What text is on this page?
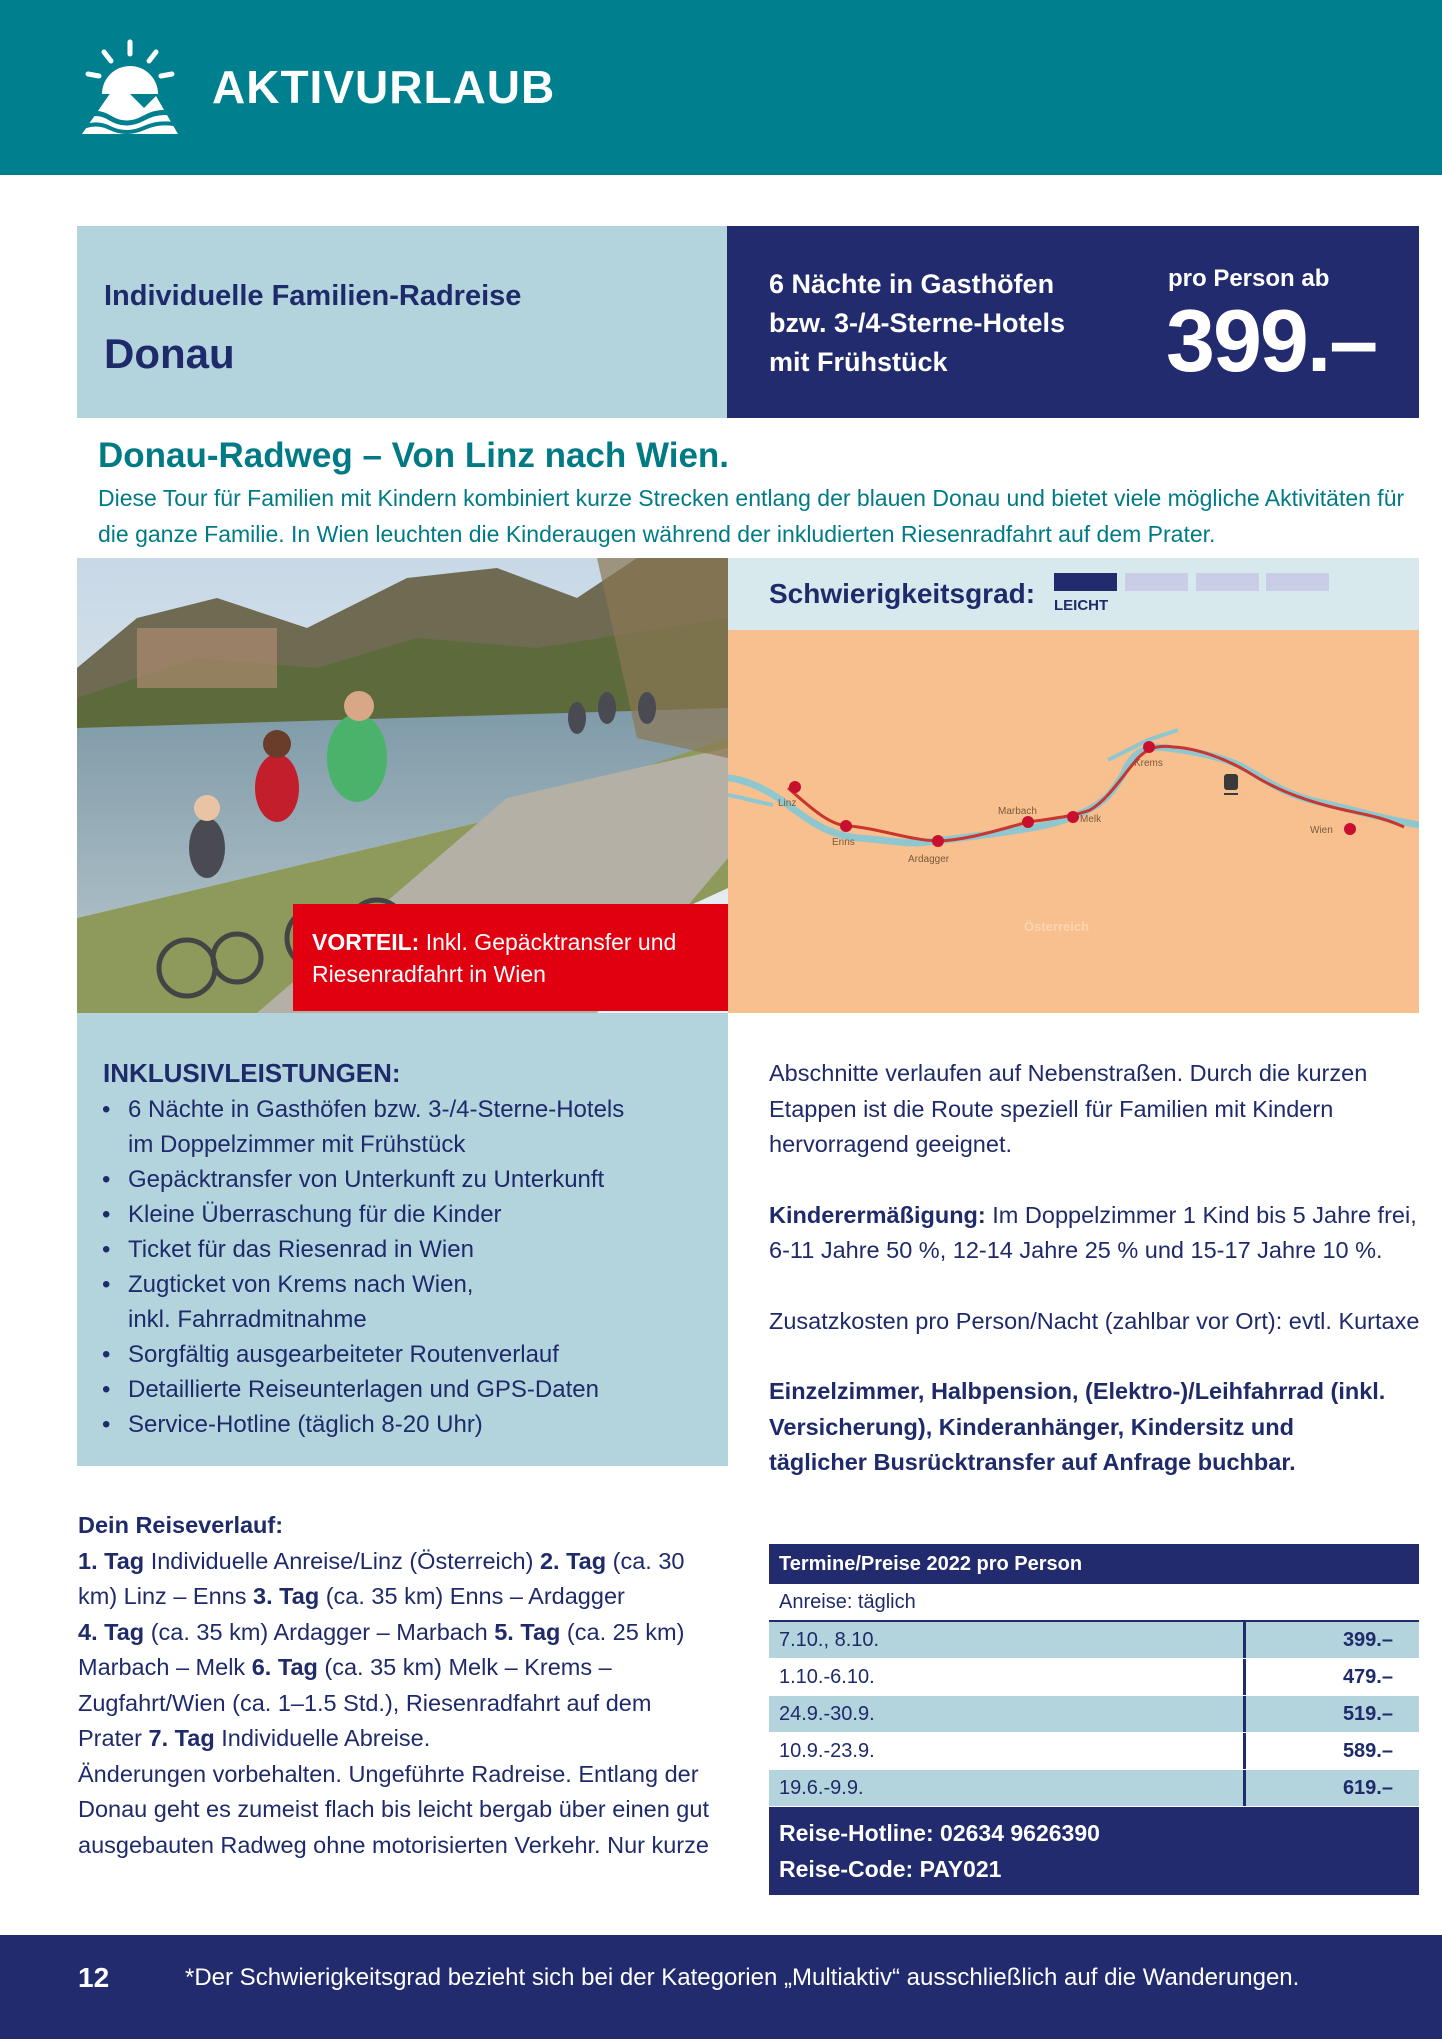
AKTIVURLAUB
Individuelle Familien-Radreise
Donau
6 Nächte in Gasthöfen
bzw. 3-/4-Sterne-Hotels
mit Frühstück
pro Person ab
399.–
Donau-Radweg – Von Linz nach Wien.
Diese Tour für Familien mit Kindern kombiniert kurze Strecken entlang der blauen Donau und bietet viele mögliche Aktivitäten für die ganze Familie. In Wien leuchten die Kinderaugen während der inkludierten Riesenradfahrt auf dem Prater.
VORTEIL: Inkl. Gepäcktransfer und
Riesenradfahrt in Wien
Schwierigkeitsgrad: LEICHT
Linz
Enns
Ardagger
Marbach
Melk
Krems
Wien
Österreich
INKLUSIVLEISTUNGEN:
• 6 Nächte in Gasthöfen bzw. 3-/4-Sterne-Hotels
im Doppelzimmer mit Frühstück
• Gepäcktransfer von Unterkunft zu Unterkunft
• Kleine Überraschung für die Kinder
• Ticket für das Riesenrad in Wien
• Zugticket von Krems nach Wien,
inkl. Fahrradmitnahme
• Sorgfältig ausgearbeiteter Routenverlauf
• Detaillierte Reiseunterlagen und GPS-Daten
• Service-Hotline (täglich 8-20 Uhr)
Dein Reiseverlauf:
1. Tag Individuelle Anreise/Linz (Österreich) 2. Tag (ca. 30
km) Linz – Enns 3. Tag (ca. 35 km) Enns – Ardagger
4. Tag (ca. 35 km) Ardagger – Marbach 5. Tag (ca. 25 km)
Marbach – Melk 6. Tag (ca. 35 km) Melk – Krems –
Zugfahrt/Wien (ca. 1–1.5 Std.), Riesenradfahrt auf dem
Prater 7. Tag Individuelle Abreise.
Änderungen vorbehalten. Ungeführte Radreise. Entlang der
Donau geht es zumeist flach bis leicht bergab über einen gut
ausgebauten Radweg ohne motorisierten Verkehr. Nur kurze
Abschnitte verlaufen auf Nebenstraßen. Durch die kurzen
Etappen ist die Route speziell für Familien mit Kindern
hervorragend geeignet.
Kinderermäßigung: Im Doppelzimmer 1 Kind bis 5 Jahre frei,
6-11 Jahre 50 %, 12-14 Jahre 25 % und 15-17 Jahre 10 %.
Zusatzkosten pro Person/Nacht (zahlbar vor Ort): evtl. Kurtaxe
Einzelzimmer, Halbpension, (Elektro-)/Leihfahrrad (inkl.
Versicherung), Kinderanhänger, Kindersitz und
täglicher Busrücktransfer auf Anfrage buchbar.
Termine/Preise 2022 pro Person
Anreise: täglich
7.10., 8.10.	399.–
1.10.-6.10.	479.–
24.9.-30.9.	519.–
10.9.-23.9.	589.–
19.6.-9.9.	619.–
Reise-Hotline: 02634 9626390
Reise-Code: PAY021
12	*Der Schwierigkeitsgrad bezieht sich bei der Kategorien „Multiaktiv“ ausschließlich auf die Wanderungen.
